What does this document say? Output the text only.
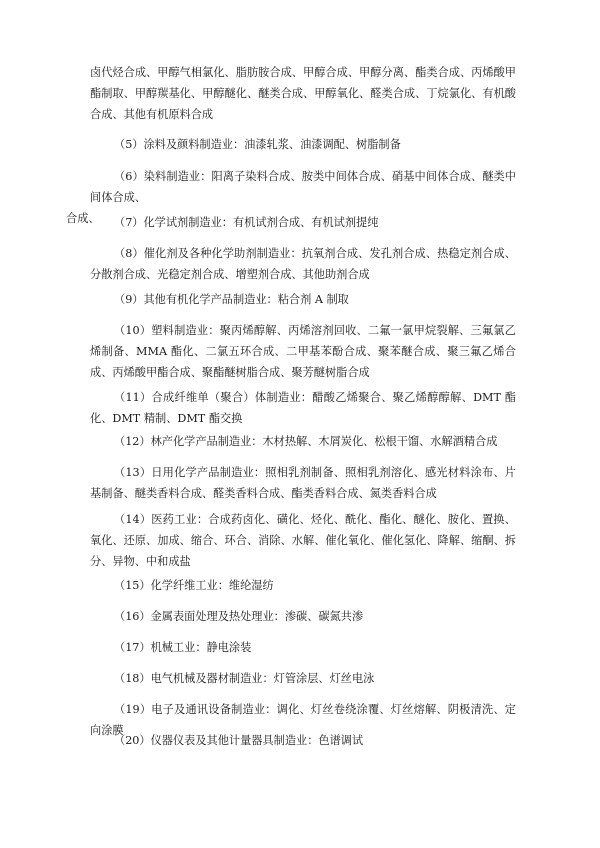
卤代烃合成、甲醇气相氯化、脂肪胺合成、甲醇合成、甲醇分离、酯类合成、丙烯酸甲酯制取、甲醇羰基化、甲醇醚化、醚类合成、甲醇氧化、醛类合成、丁烷氯化、有机酸合成、其他有机原料合成

（5）涂料及颜料制造业：油漆轧浆、油漆调配、树脂制备

（6）染料制造业：阳离子染料合成、胺类中间体合成、硝基中间体合成、醚类中间体合成、
合成、	（7）化学试剂制造业：有机试剂合成、有机试剂提纯

（8）催化剂及各种化学助剂制造业：抗氧剂合成、发孔剂合成、热稳定剂合成、分散剂合成、光稳定剂合成、增塑剂合成、其他助剂合成

（9）其他有机化学产品制造业：粘合剂 A 制取

（10）塑料制造业：聚丙烯醇解、丙烯溶剂回收、二氟一氯甲烷裂解、三氟氯乙烯制备、MMA 酯化、二氯五环合成、二甲基苯酚合成、聚苯醚合成、聚三氟乙烯合成、丙烯酸甲酯合成、聚酯醚树脂合成、聚芳醚树脂合成

（11）合成纤维单（聚合）体制造业：醋酸乙烯聚合、聚乙烯醇醇解、DMT 酯化、DMT 精制、DMT 酯交换

（12）林产化学产品制造业：木材热解、木屑炭化、松根干馏、水解酒精合成

（13）日用化学产品制造业：照相乳剂制备、照相乳剂溶化、感光材料涂布、片基制备、醚类香料合成、醛类香料合成、酯类香料合成、氮类香料合成

（14）医药工业：合成药卤化、磺化、烃化、酰化、酯化、醚化、胺化、置换、氧化、还原、加成、缩合、环合、消除、水解、催化氧化、催化氢化、降解、缩酮、拆分、异物、中和成盐

（15）化学纤维工业：维纶湿纺

（16）金属表面处理及热处理业：渗碳、碳氮共渗

（17）机械工业：静电涂装

（18）电气机械及器材制造业：灯管涂层、灯丝电泳

（19）电子及通讯设备制造业：调化、灯丝卷绕涂覆、灯丝熔解、阴极清洗、定向涂膜

（20）仪器仪表及其他计量器具制造业：色谱调试
